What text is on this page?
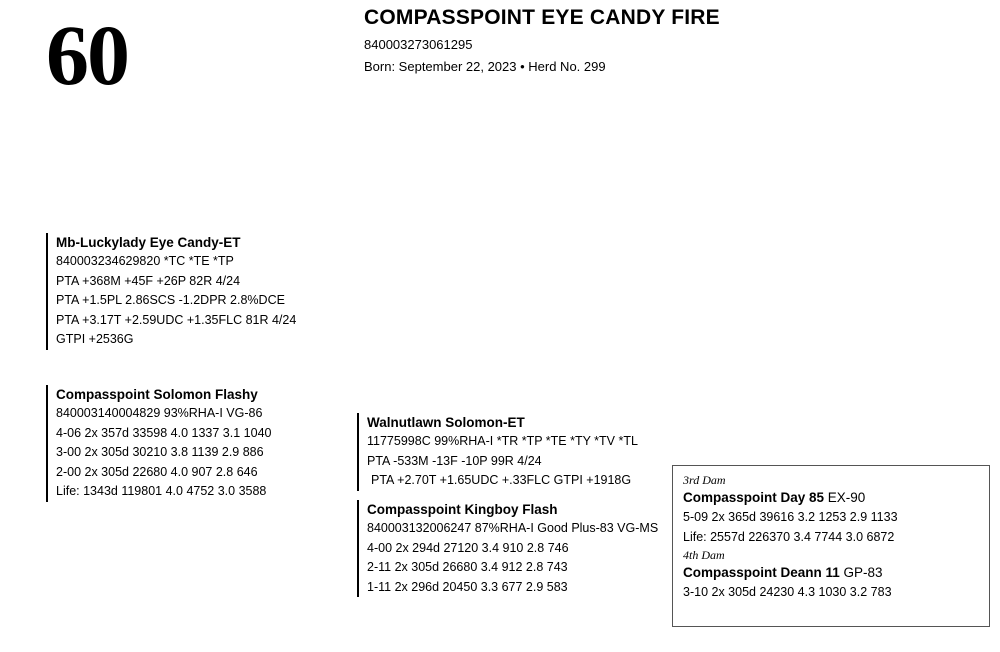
60	COMPASSPOINT EYE CANDY FIRE
840003273061295
Born: September 22, 2023 • Herd No. 299
Mb-Luckylady Eye Candy-ET
840003234629820 *TC *TE *TP
PTA +368M +45F +26P 82R 4/24
PTA +1.5PL 2.86SCS -1.2DPR 2.8%DCE
PTA +3.17T +2.59UDC +1.35FLC 81R 4/24
GTPI +2536G
Compasspoint Solomon Flashy
840003140004829 93%RHA-I VG-86
4-06 2x 357d 33598 4.0 1337 3.1 1040
3-00 2x 305d 30210 3.8 1139 2.9 886
2-00 2x 305d 22680 4.0 907 2.8 646
Life: 1343d 119801 4.0 4752 3.0 3588
Walnutlawn Solomon-ET
11775998C 99%RHA-I *TR *TP *TE *TY *TV *TL
PTA -533M -13F -10P 99R 4/24
PTA +2.70T +1.65UDC +.33FLC GTPI +1918G
Compasspoint Kingboy Flash
840003132006247 87%RHA-I Good Plus-83 VG-MS
4-00 2x 294d 27120 3.4 910 2.8 746
2-11 2x 305d 26680 3.4 912 2.8 743
1-11 2x 296d 20450 3.3 677 2.9 583
3rd Dam
Compasspoint Day 85 EX-90
5-09 2x 365d 39616 3.2 1253 2.9 1133
Life: 2557d 226370 3.4 7744 3.0 6872
4th Dam
Compasspoint Deann 11 GP-83
3-10 2x 305d 24230 4.3 1030 3.2 783
